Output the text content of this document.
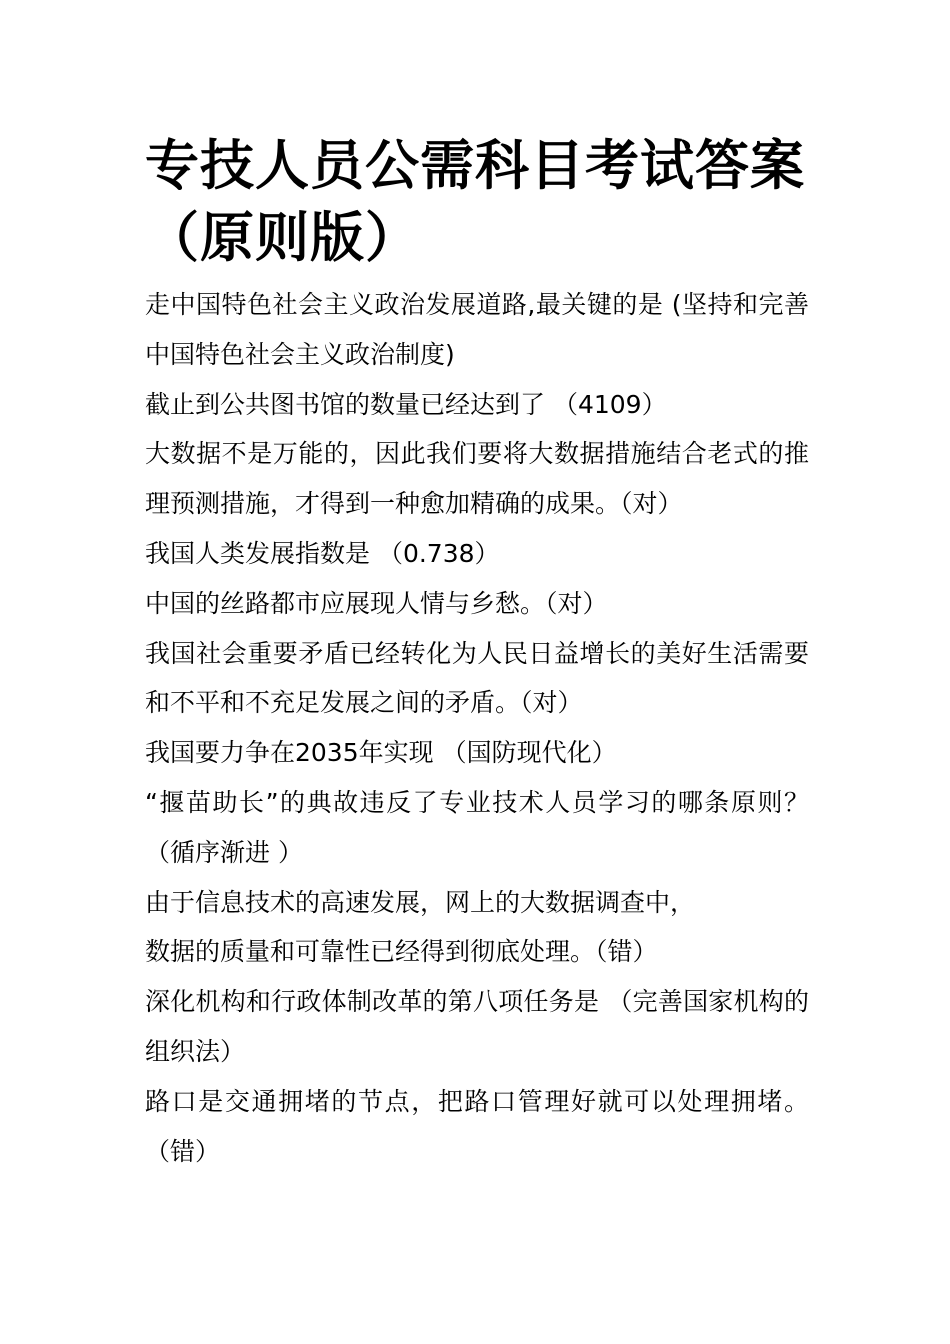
专技人员公需科目考试答案（原则版）

走中国特色社会主义政治发展道路,最关键的是 (坚持和完善中国特色社会主义政治制度)

截止到公共图书馆的数量已经达到了 （4109）

大数据不是万能的，因此我们要将大数据措施结合老式的推理预测措施，才得到一种愈加精确的成果。（对）

我国人类发展指数是 （0.738）

中国的丝路都市应展现人情与乡愁。（对）

我国社会重要矛盾已经转化为人民日益增长的美好生活需要和不平和不充足发展之间的矛盾。（对）

我国要力争在2035年实现 （国防现代化）

“揠苗助长”的典故违反了专业技术人员学习的哪条原则？ （循序渐进 ）

由于信息技术的高速发展，网上的大数据调查中，

数据的质量和可靠性已经得到彻底处理。（错）

深化机构和行政体制改革的第八项任务是 （完善国家机构的组织法）

路口是交通拥堵的节点，把路口管理好就可以处理拥堵。（错）
